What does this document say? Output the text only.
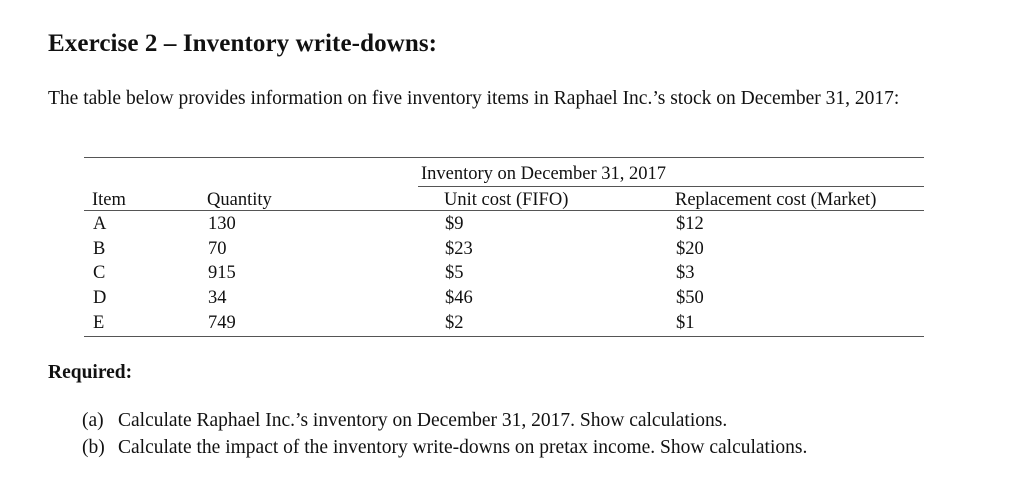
Exercise 2 – Inventory write-downs:

The table below provides information on five inventory items in Raphael Inc.’s stock on December 31, 2017:

Inventory on December 31, 2017
Item	Quantity	Unit cost (FIFO)	Replacement cost (Market)
A	130	$9	$12
B	70	$23	$20
C	915	$5	$3
D	34	$46	$50
E	749	$2	$1
Required:
(a) Calculate Raphael Inc.’s inventory on December 31, 2017. Show calculations.
(b) Calculate the impact of the inventory write-downs on pretax income. Show calculations.
